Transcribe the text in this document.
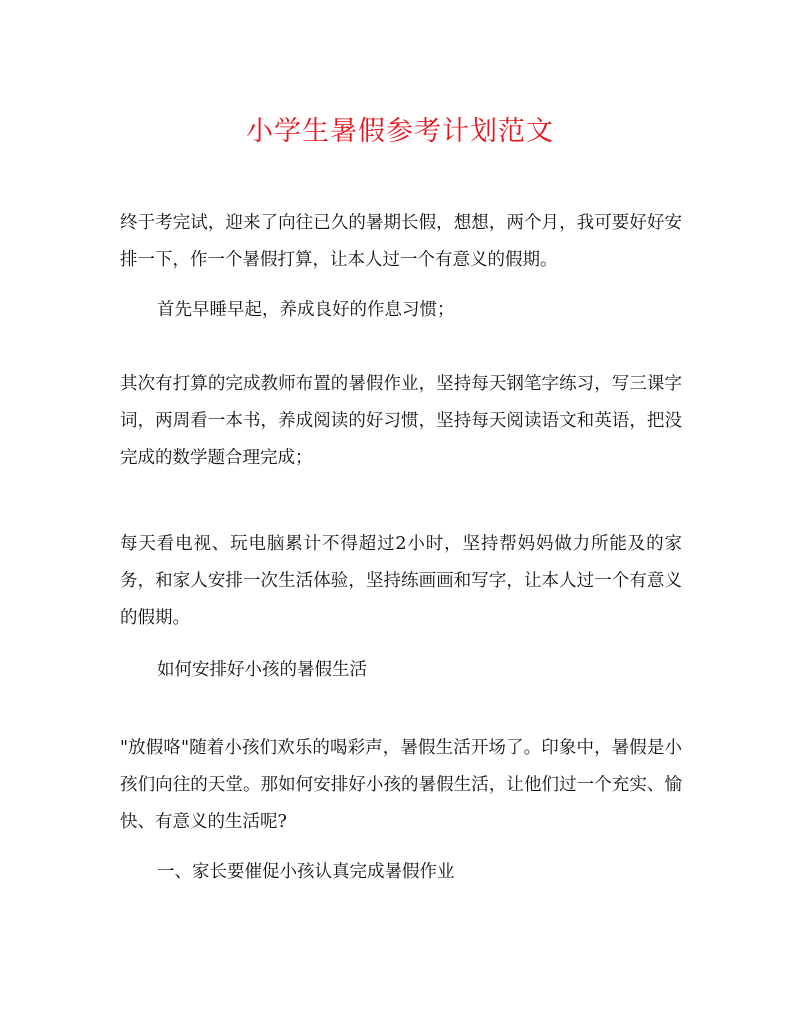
小学生暑假参考计划范文

终于考完试，迎来了向往已久的暑期长假，想想，两个月，我可要好好安排一下，作一个暑假打算，让本人过一个有意义的假期。

首先早睡早起，养成良好的作息习惯；

其次有打算的完成教师布置的暑假作业，坚持每天钢笔字练习，写三课字词，两周看一本书，养成阅读的好习惯，坚持每天阅读语文和英语，把没完成的数学题合理完成；

每天看电视、玩电脑累计不得超过2小时，坚持帮妈妈做力所能及的家务，和家人安排一次生活体验，坚持练画画和写字，让本人过一个有意义的假期。

如何安排好小孩的暑假生活

"放假咯"随着小孩们欢乐的喝彩声，暑假生活开场了。印象中，暑假是小孩们向往的天堂。那如何安排好小孩的暑假生活，让他们过一个充实、愉快、有意义的生活呢?

一、家长要催促小孩认真完成暑假作业
